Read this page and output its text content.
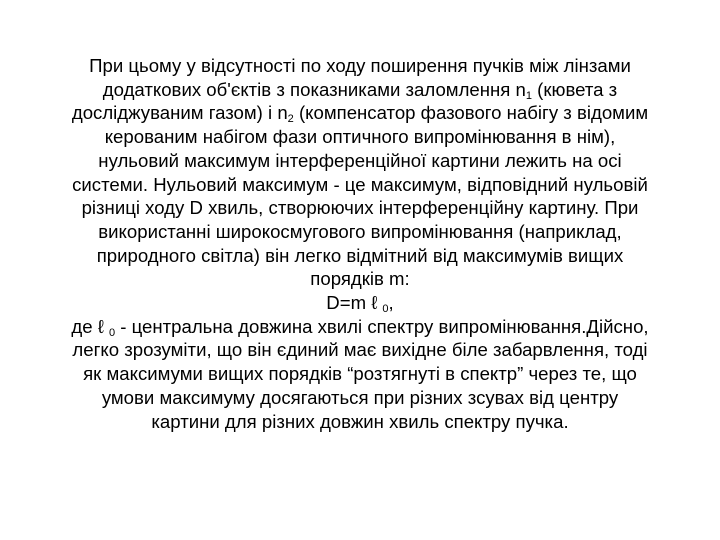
При цьому у відсутності по ходу поширення пучків між лінзами
додаткових об'єктів з показниками заломлення $n_1$ (кювета з
досліджуваним газом) і $n_2$ (компенсатор фазового набігу з відомим
керованим набігом фази оптичного випромінювання в нім),
нульовий максимум інтерференційної картини лежить на осі
системи. Нульовий максимум - це максимум, відповідний нульовій
різниці ходу D хвиль, створюючих інтерференційну картину. При
використанні широкосмугового випромінювання (наприклад,
природного світла) він легко відмітний від максимумів вищих
порядків m:
D=m ℓ $_0$,
де ℓ $_0$ - центральна довжина хвилі спектру випромінювання.Дійсно,
легко зрозуміти, що він єдиний має вихідне біле забарвлення, тоді
як максимуми вищих порядків “розтягнуті в спектр” через те, що
умови максимуму досягаються при різних зсувах від центру
картини для різних довжин хвиль спектру пучка.
